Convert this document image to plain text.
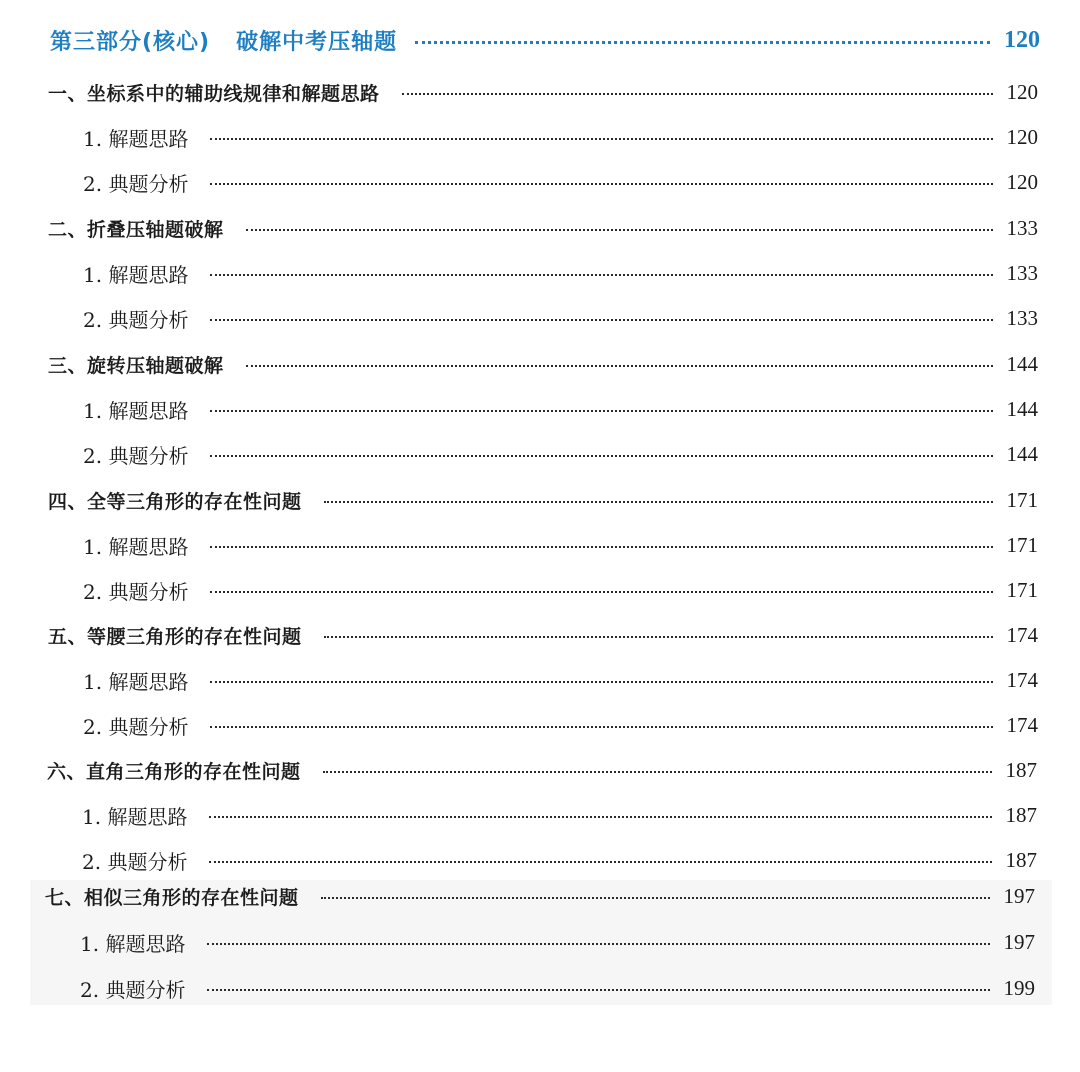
第三部分(核心) 破解中考压轴题	120
一、坐标系中的辅助线规律和解题思路	120
1. 解题思路	120
2. 典题分析	120
二、折叠压轴题破解	133
1. 解题思路	133
2. 典题分析	133
三、旋转压轴题破解	144
1. 解题思路	144
2. 典题分析	144
四、全等三角形的存在性问题	171
1. 解题思路	171
2. 典题分析	171
五、等腰三角形的存在性问题	174
1. 解题思路	174
2. 典题分析	174
六、直角三角形的存在性问题	187
1. 解题思路	187
2. 典题分析	187
七、相似三角形的存在性问题	197
1. 解题思路	197
2. 典题分析	199
